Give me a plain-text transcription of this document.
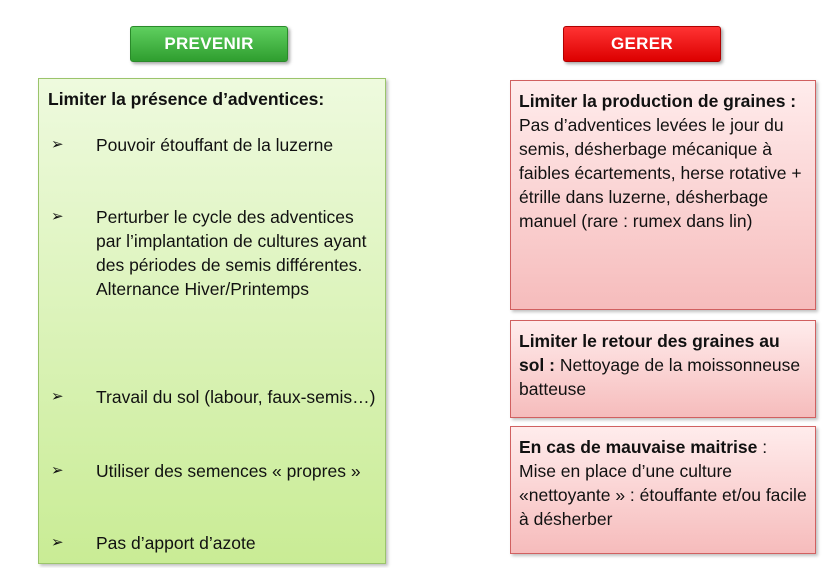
PREVENIR	GERER
Limiter la présence d’adventices:
➢ Pouvoir étouffant de la luzerne
➢ Perturber le cycle des adventices par l’implantation de cultures ayant des périodes de semis différentes. Alternance Hiver/Printemps
➢ Travail du sol (labour, faux-semis…)
➢ Utiliser des semences « propres »
➢ Pas d’apport d’azote
Limiter la production de graines : Pas d’adventices levées le jour du semis, désherbage mécanique à faibles écartements, herse rotative + étrille dans luzerne, désherbage manuel (rare : rumex dans lin)
Limiter le retour des graines au sol : Nettoyage de la moissonneuse batteuse
En cas de mauvaise maitrise : Mise en place d’une culture «nettoyante » : étouffante et/ou facile à désherber
